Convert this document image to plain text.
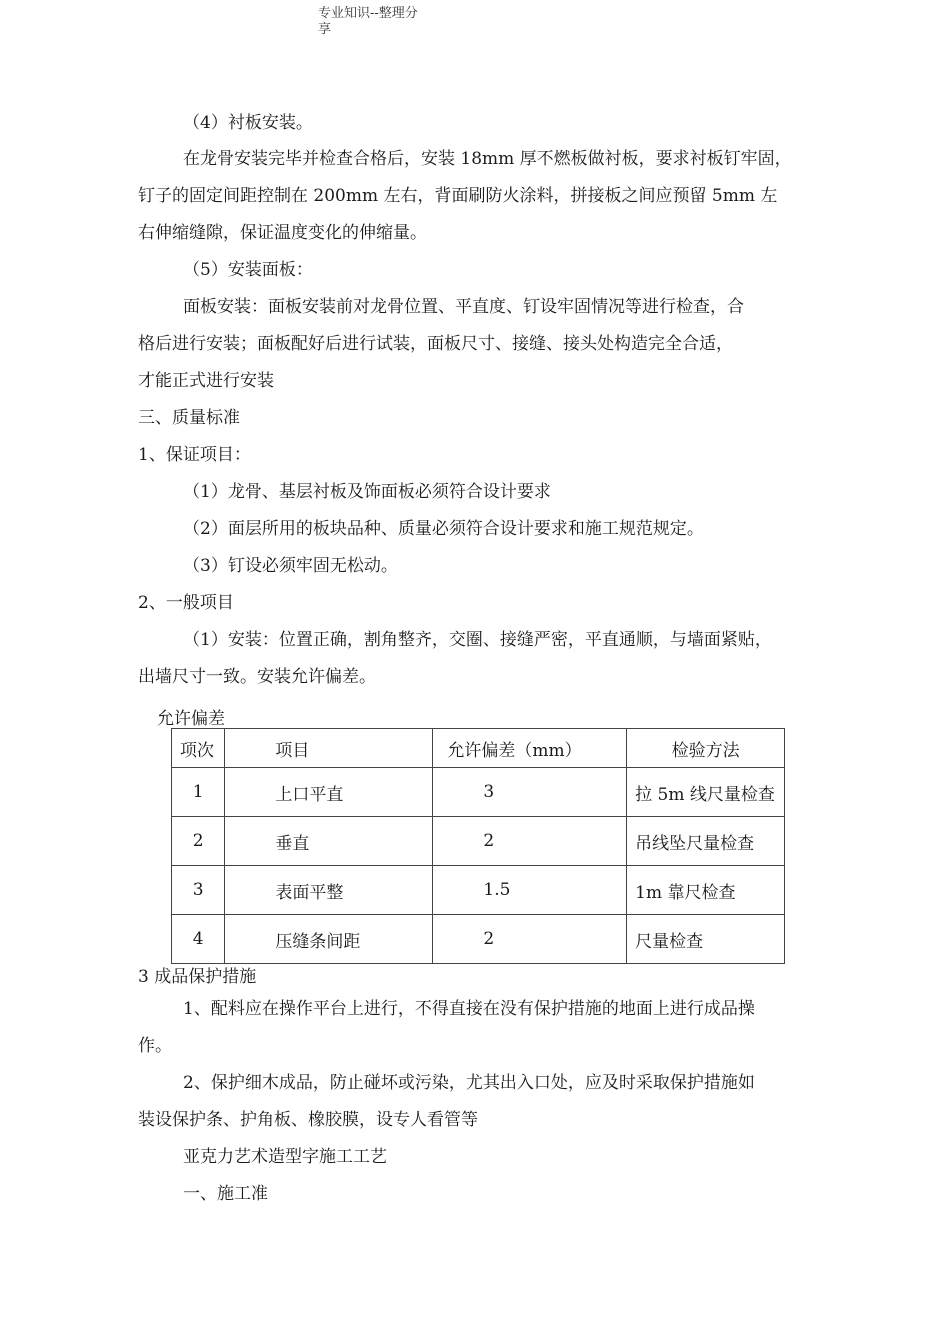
专业知识--整理分
享
（4）衬板安装。
在龙骨安装完毕并检查合格后，安装 18mm 厚不燃板做衬板，要求衬板钉牢固，
钉子的固定间距控制在 200mm 左右，背面刷防火涂料，拼接板之间应预留 5mm 左
右伸缩缝隙，保证温度变化的伸缩量。
（5）安装面板：
面板安装：面板安装前对龙骨位置、平直度、钉设牢固情况等进行检查，合
格后进行安装；面板配好后进行试装，面板尺寸、接缝、接头处构造完全合适，
才能正式进行安装
三、质量标准
1、保证项目：
（1）龙骨、基层衬板及饰面板必须符合设计要求
（2）面层所用的板块品种、质量必须符合设计要求和施工规范规定。
（3）钉设必须牢固无松动。
2、一般项目
（1）安装：位置正确，割角整齐，交圈、接缝严密，平直通顺，与墙面紧贴，
出墙尺寸一致。安装允许偏差。
允许偏差
项次	项目	允许偏差（mm）	检验方法
1	上口平直	3	拉 5m 线尺量检查
2	垂直	2	吊线坠尺量检查
3	表面平整	1.5	1m 靠尺检查
4	压缝条间距	2	尺量检查
3 成品保护措施
1、配料应在操作平台上进行，不得直接在没有保护措施的地面上进行成品操
作。
2、保护细木成品，防止碰坏或污染，尤其出入口处，应及时采取保护措施如
装设保护条、护角板、橡胶膜，设专人看管等
亚克力艺术造型字施工工艺
一、施工准
